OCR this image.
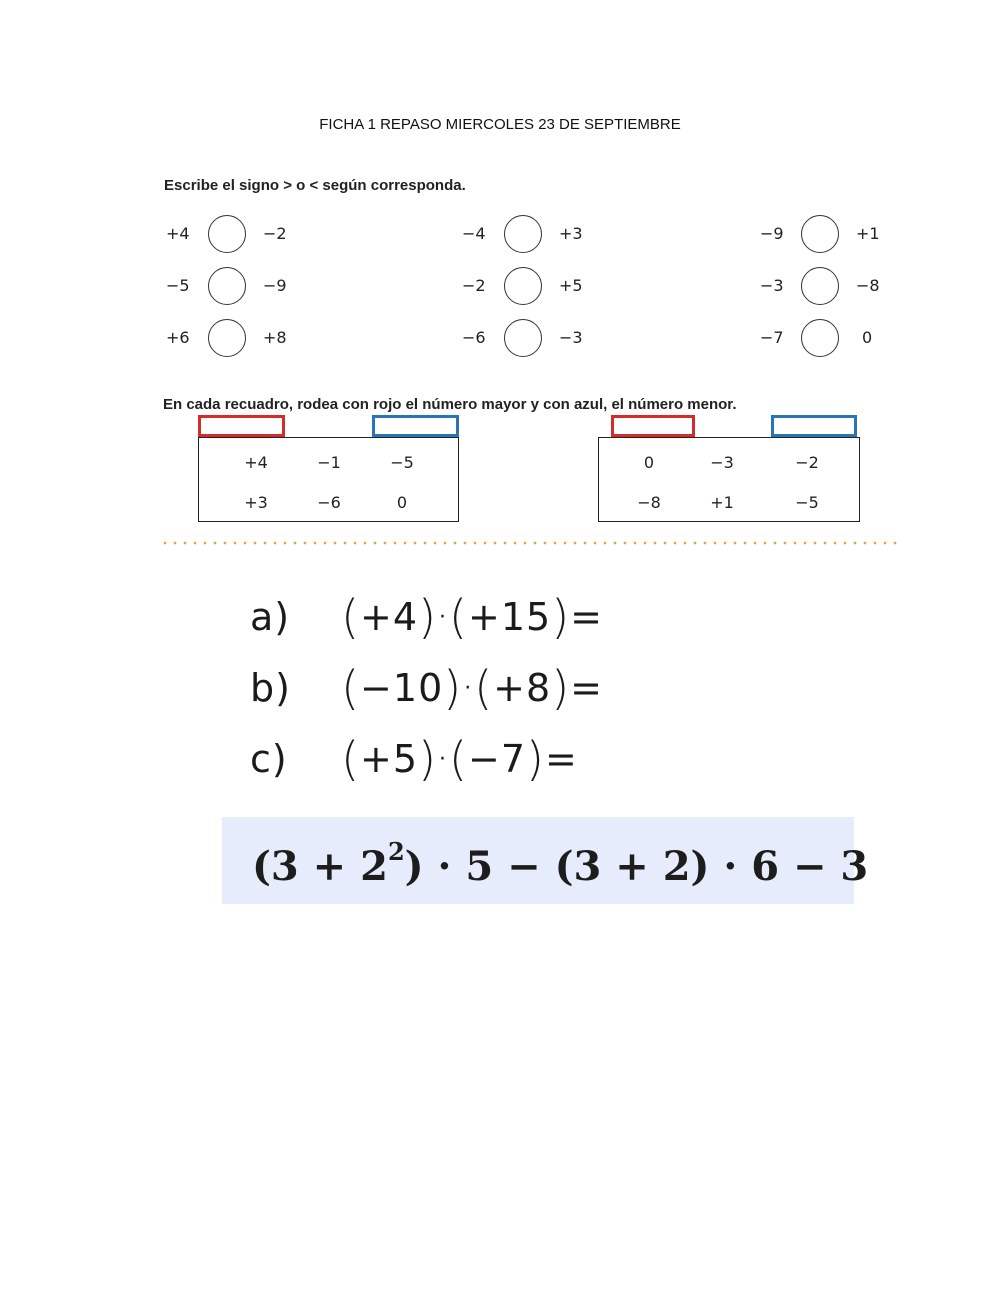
FICHA 1 REPASO MIERCOLES 23 DE SEPTIEMBRE
Escribe el signo > o < según corresponda.
+4	−2	−4	+3	−9	+1
−5	−9	−2	+5	−3	−8
+6	+8	−6	−3	−7	0
En cada recuadro, rodea con rojo el número mayor y con azul, el número menor.
+4	−1	−5
+3	−6	0
0	−3	−2
−8	+1	−5
a) (+4)·(+15)=
b) (−10)·(+8)=
c) (+5)·(−7)=
$(3 + 2^2) \cdot 5 - (3 + 2) \cdot 6 - 3$
